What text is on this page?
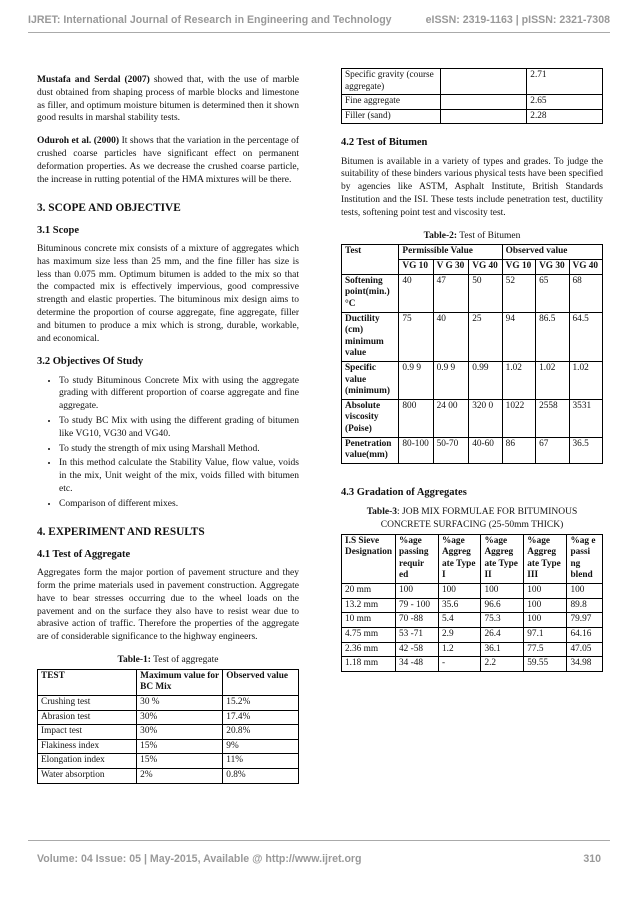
IJRET: International Journal of Research in Engineering and Technology	eISSN: 2319-1163 | pISSN: 2321-7308

Mustafa and Serdal (2007) showed that, with the use of marble dust obtained from shaping process of marble blocks and limestone as filler, and optimum moisture bitumen is determined then it shown good results in marshal stability tests.

Oduroh et al. (2000) It shows that the variation in the percentage of crushed coarse particles have significant effect on permanent deformation properties. As we decrease the crushed coarse particle, the increase in rutting potential of the HMA mixtures will be there.

3. SCOPE AND OBJECTIVE
3.1 Scope

Bituminous concrete mix consists of a mixture of aggregates which has maximum size less than 25 mm, and the fine filler has size is less than 0.075 mm. Optimum bitumen is added to the mix so that the compacted mix is effectively impervious, good compressive strength and elastic properties. The bituminous mix design aims to determine the proportion of course aggregate, fine aggregate, filler and bitumen to produce a mix which is strong, durable, workable, and economical.

3.2 Objectives Of Study
• To study Bituminous Concrete Mix with using the aggregate grading with different proportion of coarse aggregate and fine aggregate.
• To study BC Mix with using the different grading of bitumen like VG10, VG30 and VG40.
• To study the strength of mix using Marshall Method.
• In this method calculate the Stability Value, flow value, voids in the mix, Unit weight of the mix, voids filled with bitumen etc.
• Comparison of different mixes.
4. EXPERIMENT AND RESULTS
4.1 Test of Aggregate

Aggregates form the major portion of pavement structure and they form the prime materials used in pavement construction. Aggregate have to bear stresses occurring due to the wheel loads on the pavement and on the surface they also have to resist wear due to abrasive action of traffic. Therefore the properties of the aggregate are of considerable significance to the highway engineers.

Table-1: Test of aggregate
TEST	Maximum value for BC Mix	Observed value
Crushing test	30 %	15.2%
Abrasion test	30%	17.4%
Impact test	30%	20.8%
Flakiness index	15%	9%
Elongation index	15%	11%
Water absorption	2%	0.8%
Specific gravity (course aggregate)		2.71
Fine aggregate		2.65
Filler (sand)		2.28
4.2 Test of Bitumen

Bitumen is available in a variety of types and grades. To judge the suitability of these binders various physical tests have been specified by agencies like ASTM, Asphalt Institute, British Standards Institution and the ISI. These tests include penetration test, ductility tests, softening point test and viscosity test.

Table-2: Test of Bitumen
Test	Permissible Value			Observed value		
	VG 10	V G 30	VG 40	VG 10	VG 30	VG 40
Softening point(min.)°C	40	47	50	52	65	68
Ductility (cm) minimum value	75	40	25	94	86.5	64.5
Specific value (minimum)	0.9 9	0.9 9	0.99	1.02	1.02	1.02
Absolute viscosity (Poise)	800	24 00	320 0	1022	2558	3531
Penetration value(mm)	80-100	50-70	40-60	86	67	36.5
4.3 Gradation of Aggregates
Table-3: JOB MIX FORMULAE FOR BITUMINOUS CONCRETE SURFACING (25-50mm THICK)
I.S Sieve Designation	%age passing requir ed	%age Aggreg ate Type I	%age Aggreg ate Type II	%age Aggreg ate Type III	%ag e passi ng blend
20 mm	100	100	100	100	100
13.2 mm	79 - 100	35.6	96.6	100	89.8
10 mm	70 -88	5.4	75.3	100	79.97
4.75 mm	53 -71	2.9	26.4	97.1	64.16
2.36 mm	42 -58	1.2	36.1	77.5	47.05
1.18 mm	34 -48	-	2.2	59.55	34.98
Volume: 04 Issue: 05 | May-2015, Available @ http://www.ijret.org	310
